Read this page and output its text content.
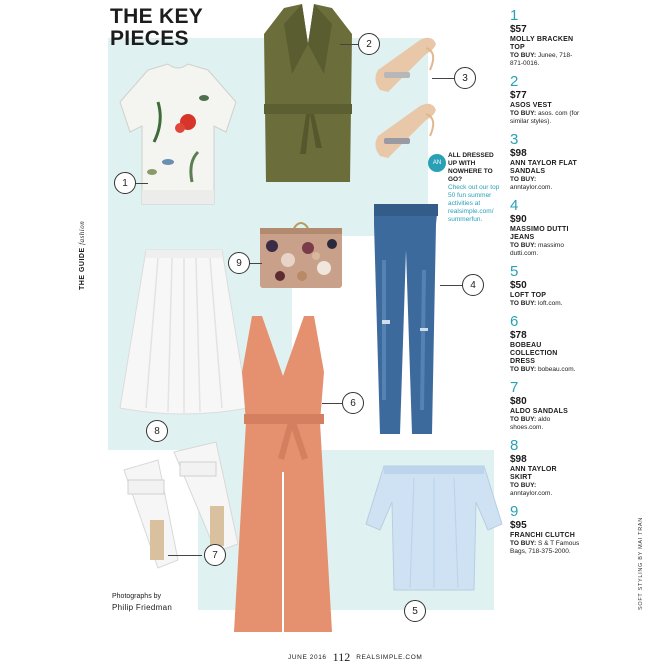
THE KEY
PIECES
THE GUIDE fashion
1
2
3
9
4
6
8
7
5
AN
ALL DRESSED UP WITH NOWHERE TO GO?
Check out our top 50 fun summer activities at realsimple.com/ summerfun.
1
$57
MOLLY BRACKEN TOP
TO BUY: Junee, 718-871-0016.
2
$77
ASOS VEST
TO BUY: asos. com (for similar styles).
3
$98
ANN TAYLOR FLAT SANDALS
TO BUY: anntaylor.com.
4
$90
MASSIMO DUTTI JEANS
TO BUY: massimo dutti.com.
5
$50
LOFT TOP
TO BUY: loft.com.
6
$78
BOBEAU COLLECTION DRESS
TO BUY: bobeau.com.
7
$80
ALDO SANDALS
TO BUY: aldo shoes.com.
8
$98
ANN TAYLOR SKIRT
TO BUY: anntaylor.com.
9
$95
FRANCHI CLUTCH
TO BUY: S & T Famous Bags, 718-375-2000.	SOFT STYLING BY MAI TRAN
Photographs by
Philip Friedman
JUNE 2016 112 REALSIMPLE.COM
